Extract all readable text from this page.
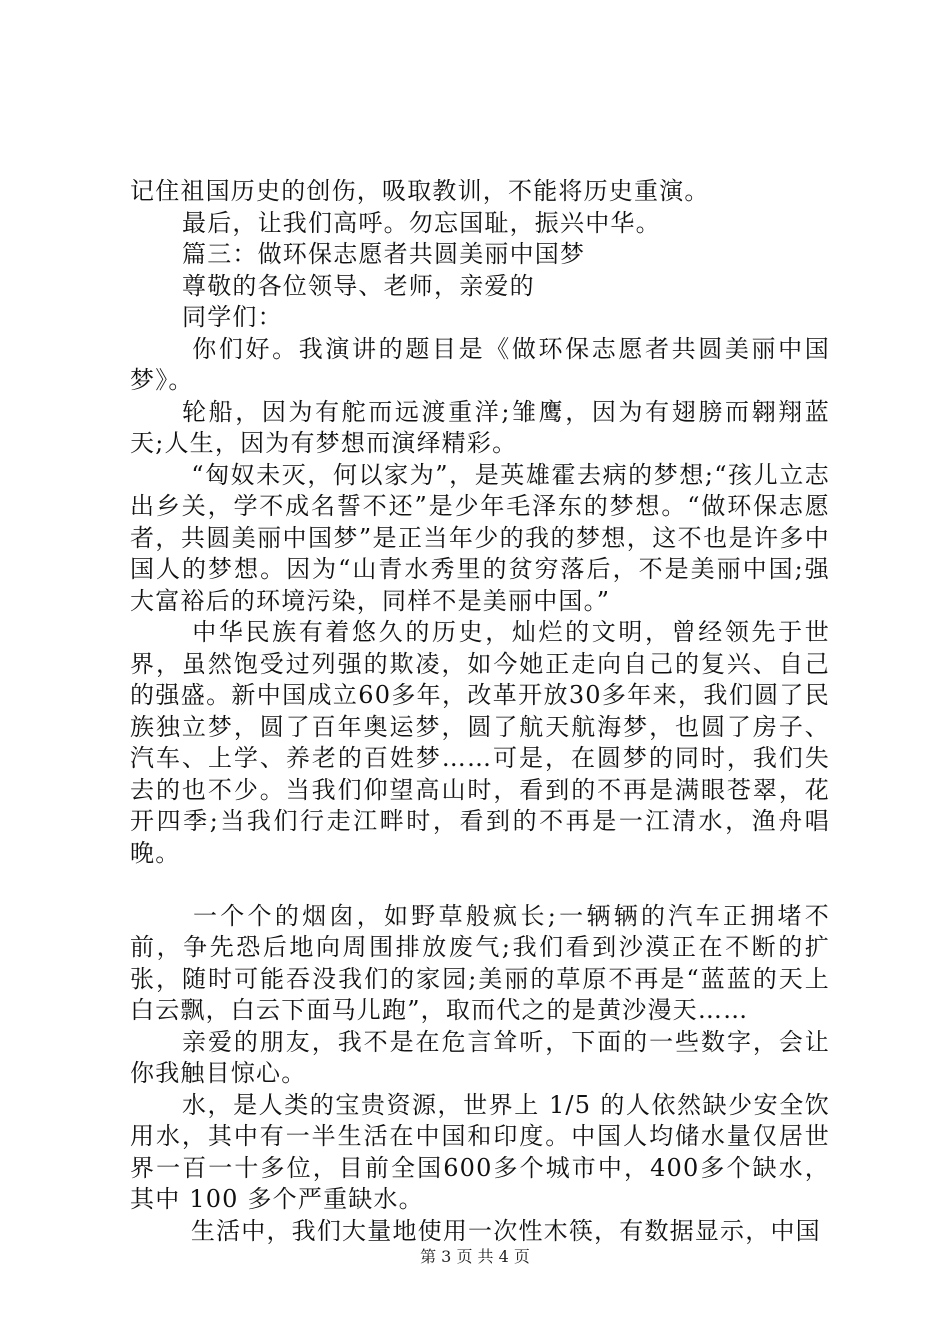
记住祖国历史的创伤，吸取教训，不能将历史重演。

最后，让我们高呼。勿忘国耻，振兴中华。

篇三：做环保志愿者共圆美丽中国梦

尊敬的各位领导、老师，亲爱的

同学们：

你们好。我演讲的题目是《做环保志愿者共圆美丽中国梦》。

轮船，因为有舵而远渡重洋;雏鹰，因为有翅膀而翱翔蓝天;人生，因为有梦想而演绎精彩。

“匈奴未灭，何以家为”，是英雄霍去病的梦想;“孩儿立志出乡关，学不成名誓不还”是少年毛泽东的梦想。“做环保志愿者，共圆美丽中国梦”是正当年少的我的梦想，这不也是许多中国人的梦想。因为“山青水秀里的贫穷落后，不是美丽中国;强大富裕后的环境污染，同样不是美丽中国。”

中华民族有着悠久的历史，灿烂的文明，曾经领先于世界，虽然饱受过列强的欺凌，如今她正走向自己的复兴、自己的强盛。新中国成立60多年，改革开放30多年来，我们圆了民族独立梦，圆了百年奥运梦，圆了航天航海梦，也圆了房子、汽车、上学、养老的百姓梦……可是，在圆梦的同时，我们失去的也不少。当我们仰望高山时，看到的不再是满眼苍翠，花开四季;当我们行走江畔时，看到的不再是一江清水，渔舟唱晚。

一个个的烟囱，如野草般疯长;一辆辆的汽车正拥堵不前，争先恐后地向周围排放废气;我们看到沙漠正在不断的扩张，随时可能吞没我们的家园;美丽的草原不再是“蓝蓝的天上白云飘，白云下面马儿跑”，取而代之的是黄沙漫天……

亲爱的朋友，我不是在危言耸听，下面的一些数字，会让你我触目惊心。

水，是人类的宝贵资源，世界上 1/5 的人依然缺少安全饮用水，其中有一半生活在中国和印度。中国人均储水量仅居世界一百一十多位，目前全国600多个城市中，400多个缺水，其中 100 多个严重缺水。

生活中，我们大量地使用一次性木筷，有数据显示，中国

第 3 页 共 4 页
